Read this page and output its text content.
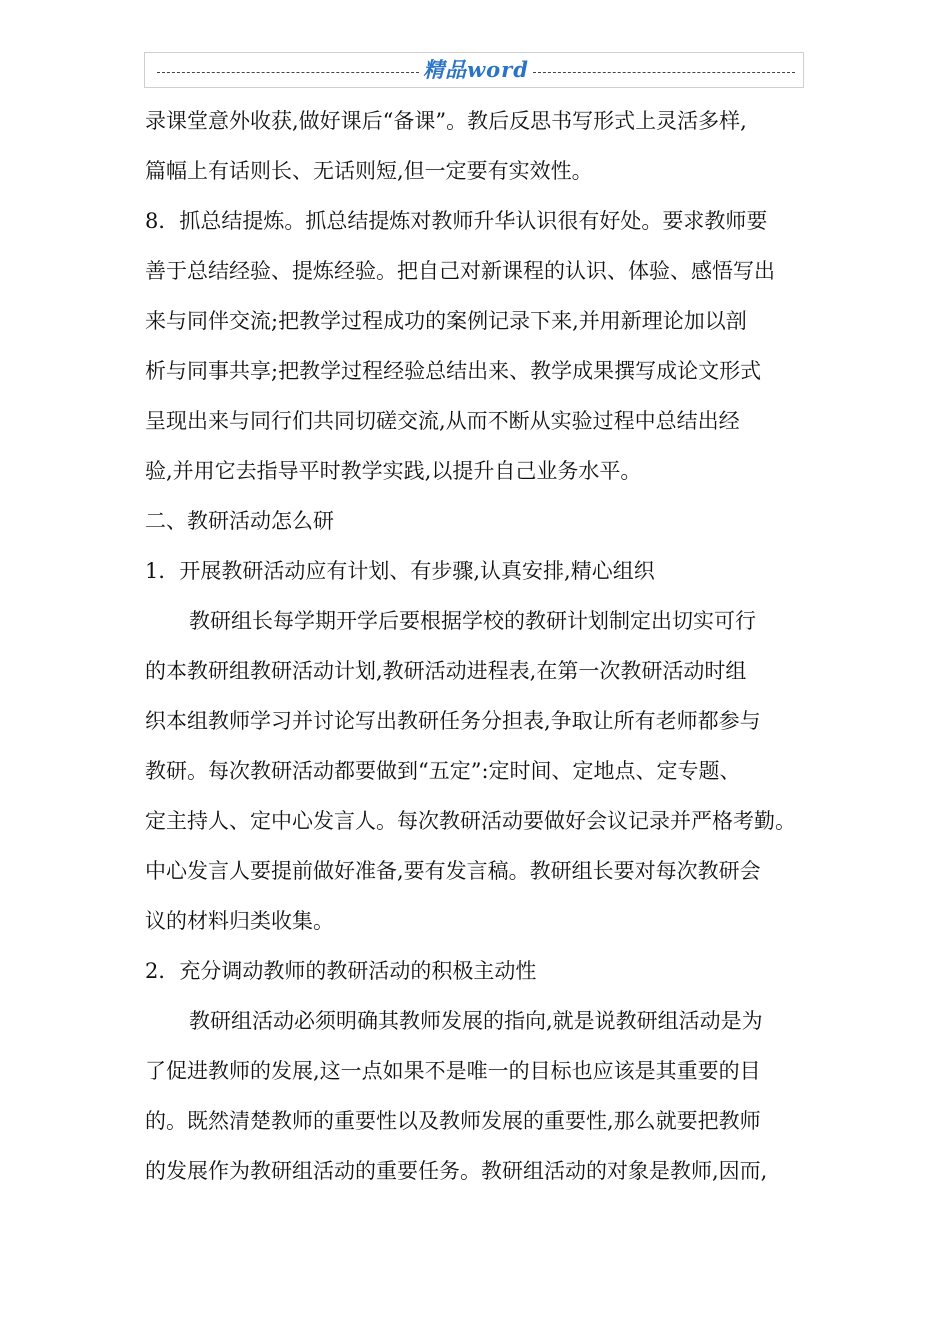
精品word
录课堂意外收获,做好课后“备课”。教后反思书写形式上灵活多样,
篇幅上有话则长、无话则短,但一定要有实效性。
8．抓总结提炼。抓总结提炼对教师升华认识很有好处。要求教师要
善于总结经验、提炼经验。把自己对新课程的认识、体验、感悟写出
来与同伴交流;把教学过程成功的案例记录下来,并用新理论加以剖
析与同事共享;把教学过程经验总结出来、教学成果撰写成论文形式
呈现出来与同行们共同切磋交流,从而不断从实验过程中总结出经
验,并用它去指导平时教学实践,以提升自己业务水平。
二、教研活动怎么研
1．开展教研活动应有计划、有步骤,认真安排,精心组织
教研组长每学期开学后要根据学校的教研计划制定出切实可行
的本教研组教研活动计划,教研活动进程表,在第一次教研活动时组
织本组教师学习并讨论写出教研任务分担表,争取让所有老师都参与
教研。每次教研活动都要做到“五定”:定时间、定地点、定专题、
定主持人、定中心发言人。每次教研活动要做好会议记录并严格考勤。
中心发言人要提前做好准备,要有发言稿。教研组长要对每次教研会
议的材料归类收集。
2．充分调动教师的教研活动的积极主动性
教研组活动必须明确其教师发展的指向,就是说教研组活动是为
了促进教师的发展,这一点如果不是唯一的目标也应该是其重要的目
的。既然清楚教师的重要性以及教师发展的重要性,那么就要把教师
的发展作为教研组活动的重要任务。教研组活动的对象是教师,因而,
